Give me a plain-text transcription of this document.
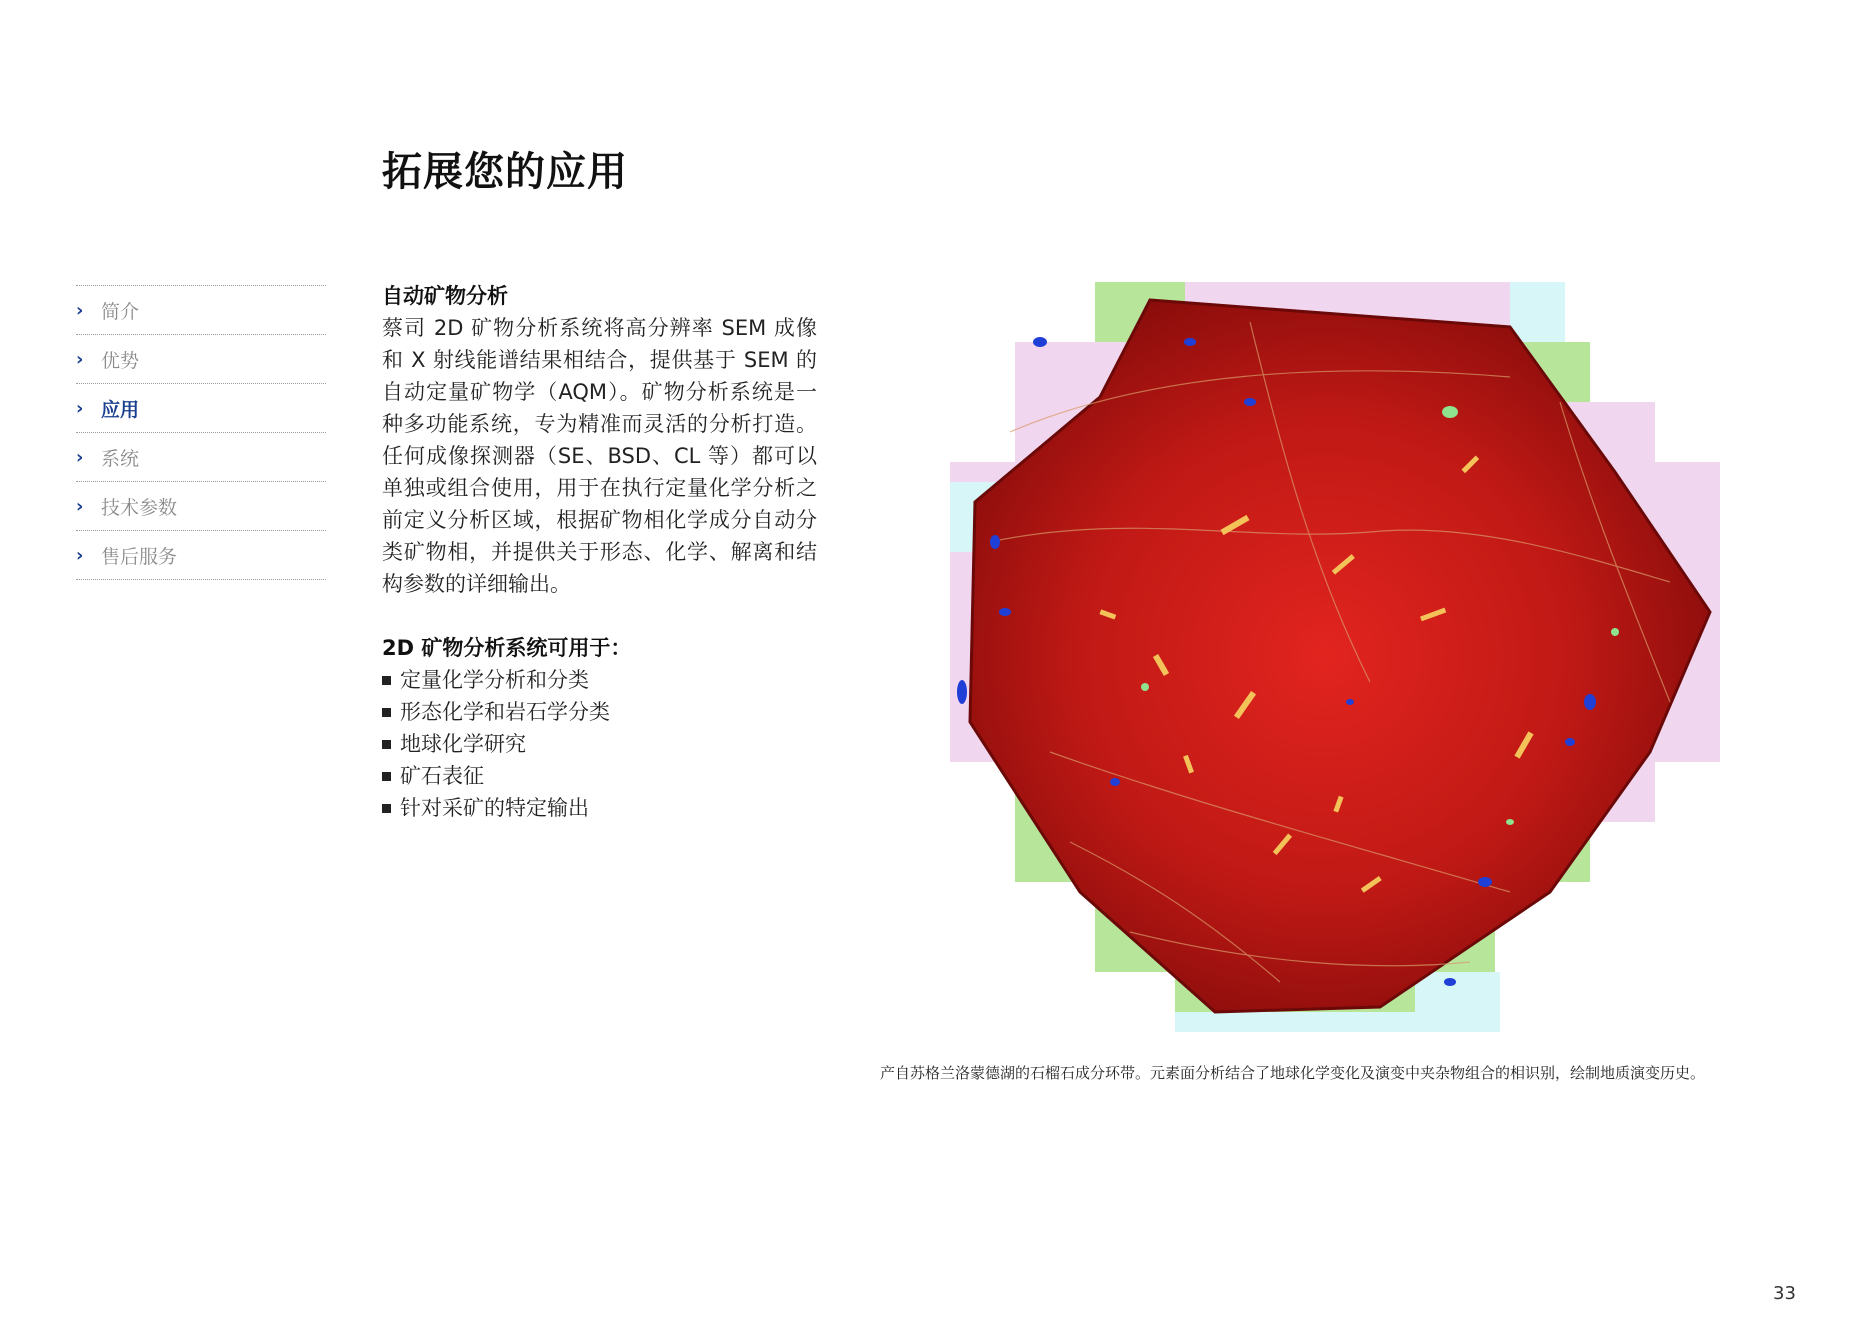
拓展您的应用
› 简介
› 优势
› 应用
› 系统
› 技术参数
› 售后服务
自动矿物分析

蔡司 2D 矿物分析系统将高分辨率 SEM 成像和 X 射线能谱结果相结合，提供基于 SEM 的自动定量矿物学（AQM）。矿物分析系统是一种多功能系统，专为精准而灵活的分析打造。任何成像探测器（SE、BSD、CL 等）都可以单独或组合使用，用于在执行定量化学分析之前定义分析区域，根据矿物相化学成分自动分类矿物相，并提供关于形态、化学、解离和结构参数的详细输出。

2D 矿物分析系统可用于：
定量化学分析和分类
形态化学和岩石学分类
地球化学研究
矿石表征
针对采矿的特定输出
产自苏格兰洛蒙德湖的石榴石成分环带。元素面分析结合了地球化学变化及演变中夹杂物组合的相识别，绘制地质演变历史。
33
